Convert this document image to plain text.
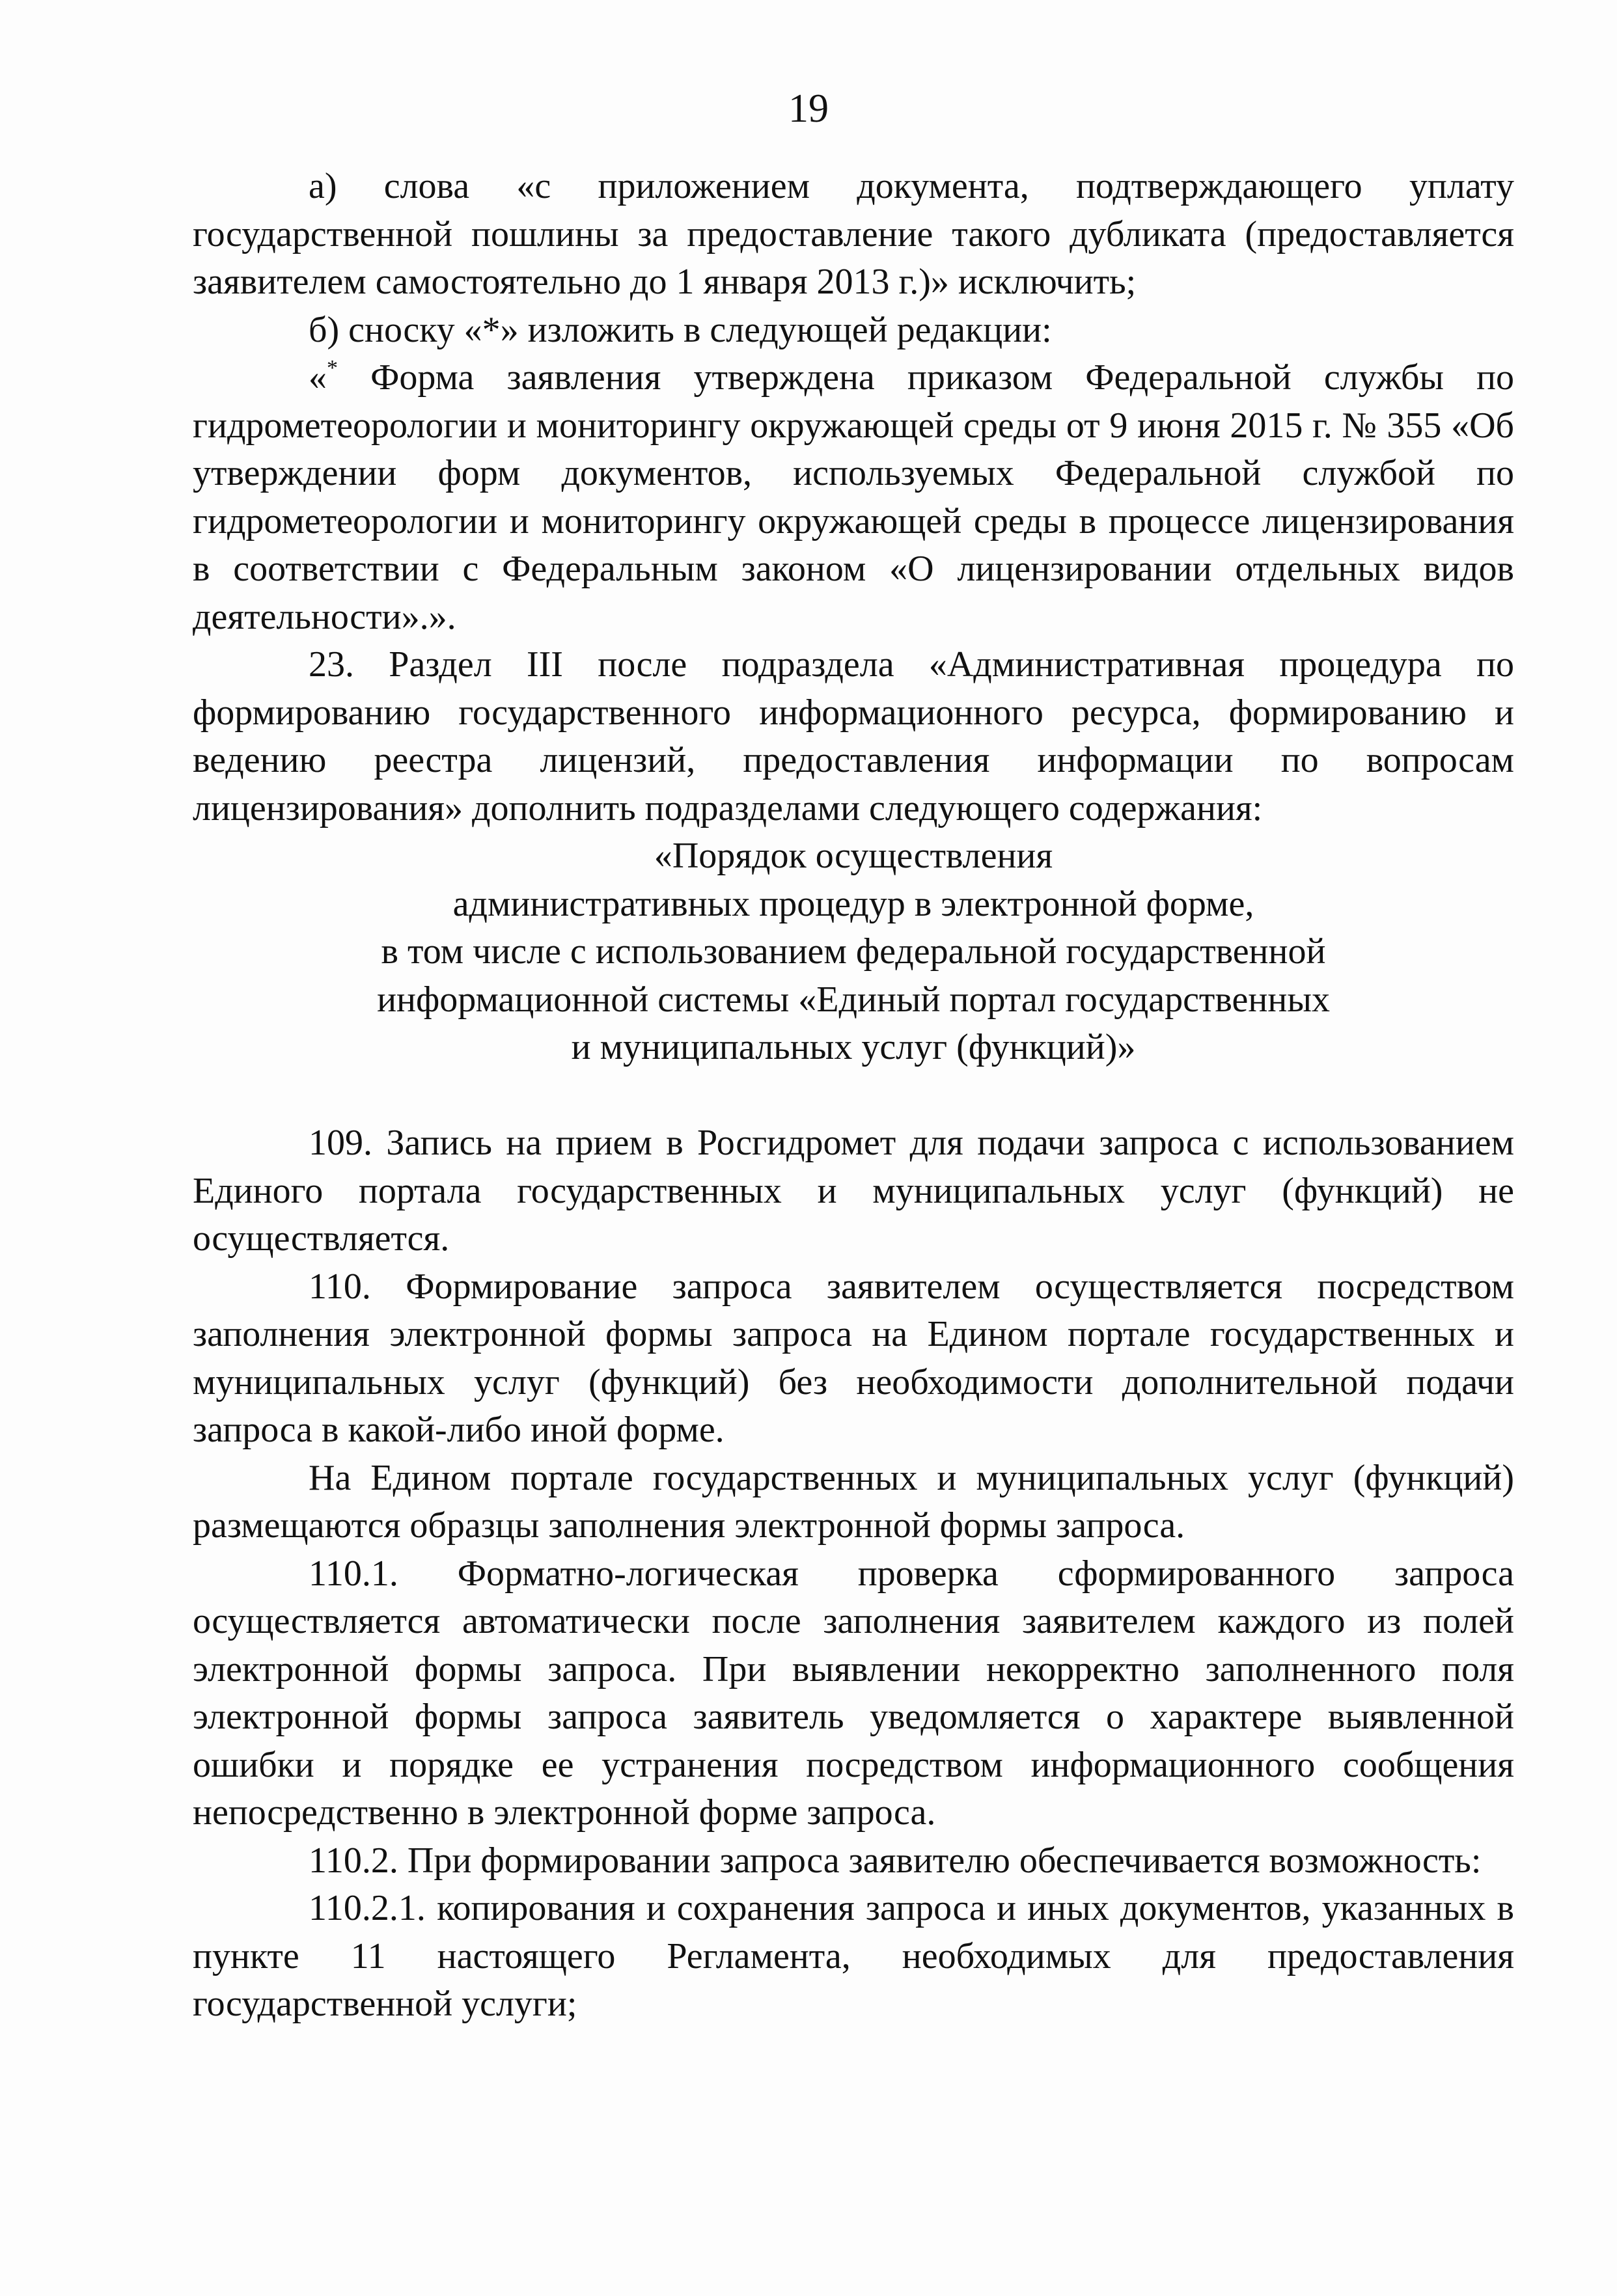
19

а) слова «с приложением документа, подтверждающего уплату государственной пошлины за предоставление такого дубликата (предоставляется заявителем самостоятельно до 1 января 2013 г.)» исключить;

б) сноску «*» изложить в следующей редакции:

«* Форма заявления утверждена приказом Федеральной службы по гидрометеорологии и мониторингу окружающей среды от 9 июня 2015 г. № 355 «Об утверждении форм документов, используемых Федеральной службой по гидрометеорологии и мониторингу окружающей среды в процессе лицензирования в соответствии с Федеральным законом «О лицензировании отдельных видов деятельности».».

23. Раздел III после подраздела «Административная процедура по формированию государственного информационного ресурса, формированию и ведению реестра лицензий, предоставления информации по вопросам лицензирования» дополнить подразделами следующего содержания:

«Порядок осуществления

административных процедур в электронной форме,

в том числе с использованием федеральной государственной

информационной системы «Единый портал государственных

и муниципальных услуг (функций)»

109. Запись на прием в Росгидромет для подачи запроса с использованием Единого портала государственных и муниципальных услуг (функций) не осуществляется.

110. Формирование запроса заявителем осуществляется посредством заполнения электронной формы запроса на Едином портале государственных и муниципальных услуг (функций) без необходимости дополнительной подачи запроса в какой-либо иной форме.

На Едином портале государственных и муниципальных услуг (функций) размещаются образцы заполнения электронной формы запроса.

110.1. Форматно-логическая проверка сформированного запроса осуществляется автоматически после заполнения заявителем каждого из полей электронной формы запроса. При выявлении некорректно заполненного поля электронной формы запроса заявитель уведомляется о характере выявленной ошибки и порядке ее устранения посредством информационного сообщения непосредственно в электронной форме запроса.

110.2. При формировании запроса заявителю обеспечивается возможность:

110.2.1. копирования и сохранения запроса и иных документов, указанных в пункте 11 настоящего Регламента, необходимых для предоставления государственной услуги;
